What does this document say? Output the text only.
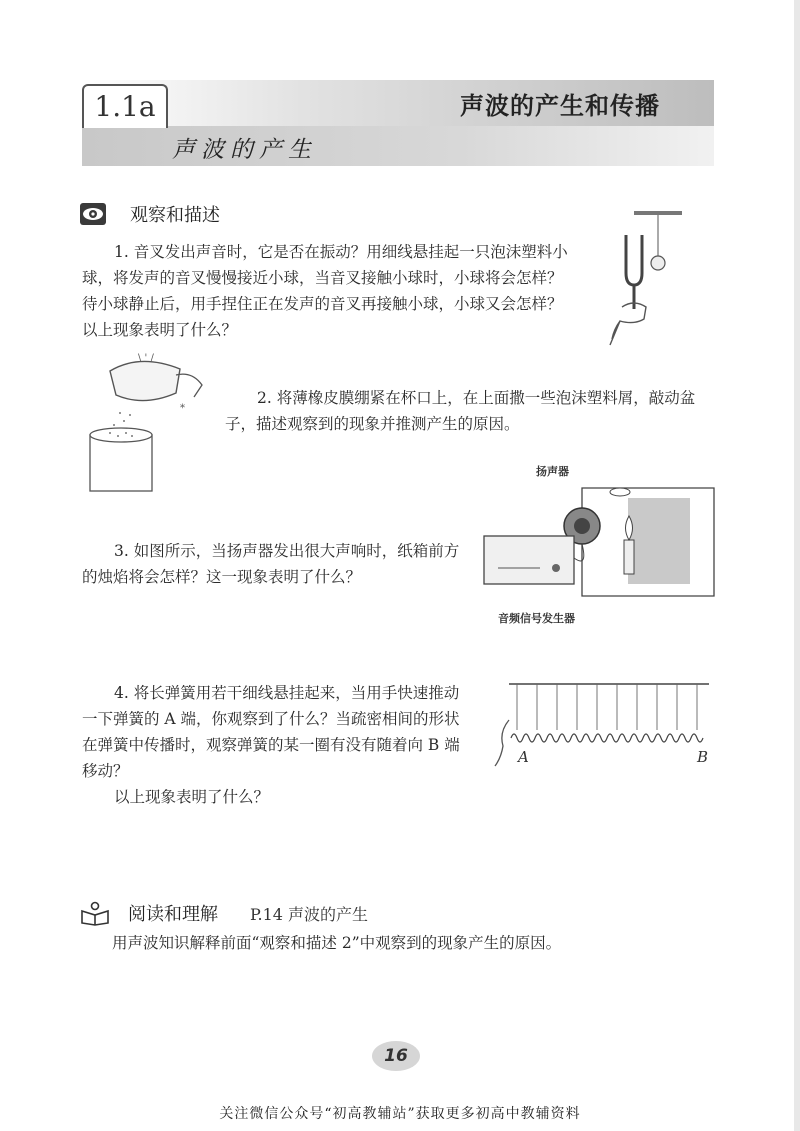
1.1a	声波的产生和传播
声波的产生
观察和描述
1. 音叉发出声音时，它是否在振动？用细线悬挂起一只泡沫塑料小
球，将发声的音叉慢慢接近小球，当音叉接触小球时，小球将会怎样？
待小球静止后，用手捏住正在发声的音叉再接触小球，小球又会怎样？
以上现象表明了什么？
\ ' /
*
2. 将薄橡皮膜绷紧在杯口上，在上面撒一些泡沫塑料屑，敲动盆
子，描述观察到的现象并推测产生的原因。
扬声器
音频信号发生器
3. 如图所示，当扬声器发出很大声响时，纸箱前方
的烛焰将会怎样？这一现象表明了什么？
4. 将长弹簧用若干细线悬挂起来，当用手快速推动
一下弹簧的 A 端，你观察到了什么？当疏密相间的形状
在弹簧中传播时，观察弹簧的某一圈有没有随着向 B 端
移动？
以上现象表明了什么？
A	B
阅读和理解 P.14 声波的产生
用声波知识解释前面“观察和描述 2”中观察到的现象产生的原因。
16
关注微信公众号“初高教辅站”获取更多初高中教辅资料
